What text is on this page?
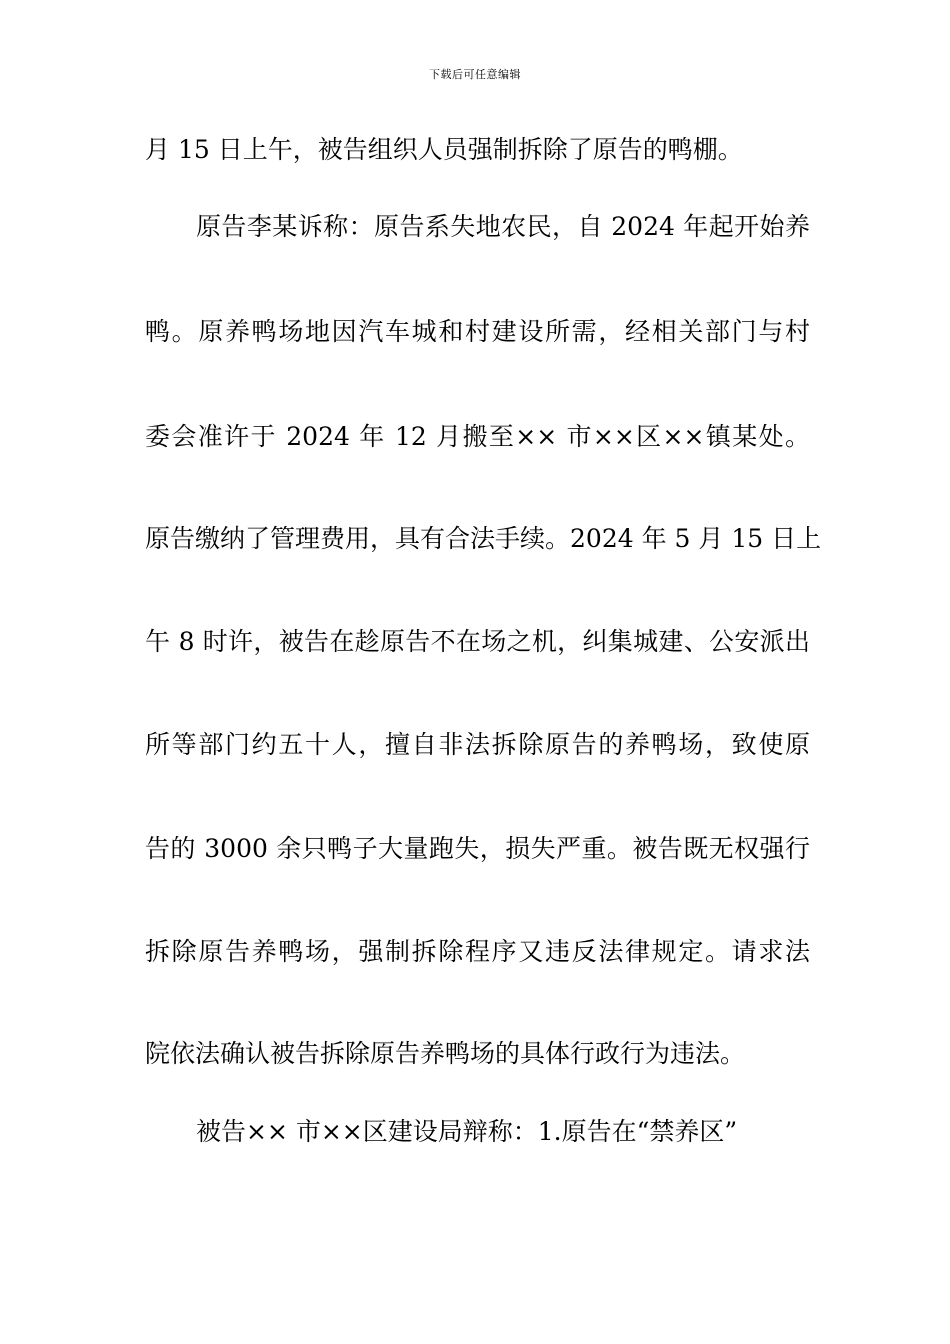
下载后可任意编辑
月 15 日上午，被告组织人员强制拆除了原告的鸭棚。
原告李某诉称：原告系失地农民，自 2024 年起开始养
鸭。原养鸭场地因汽车城和村建设所需，经相关部门与村
委会准许于 2024 年 12 月搬至×× 市××区××镇某处。
原告缴纳了管理费用，具有合法手续。2024 年 5 月 15 日上
午 8 时许，被告在趁原告不在场之机，纠集城建、公安派出
所等部门约五十人，擅自非法拆除原告的养鸭场，致使原
告的 3000 余只鸭子大量跑失，损失严重。被告既无权强行
拆除原告养鸭场，强制拆除程序又违反法律规定。请求法
院依法确认被告拆除原告养鸭场的具体行政行为违法。
被告×× 市××区建设局辩称：1.原告在“禁养区”
